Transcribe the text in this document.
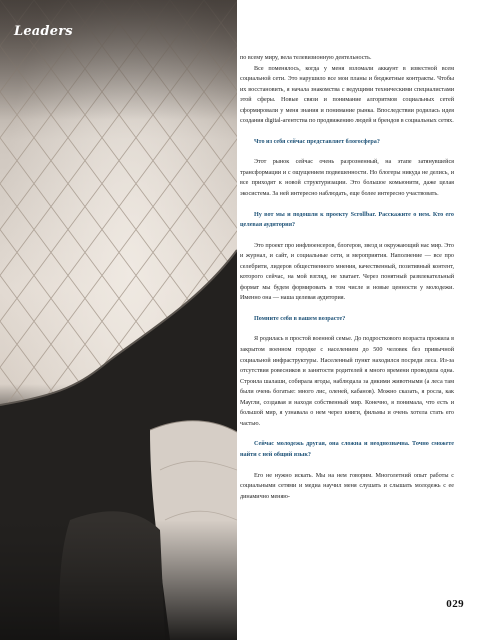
Leaders

по всему миру, вела телевизионную деятельность.

Все поменялось, когда у меня взломали аккаунт в известной всем социальной сети. Это нарушило все мои планы и бюджетные контракты. Чтобы их восстановить, я начала знакомства с ведущими техническими специалистами этой сферы. Новые связи и понимание алгоритмов социальных сетей сформировали у меня знания и понимание рынка. Впоследствии родилась идея создания digital-агентства по продвижению людей и брендов в социальных сетях.

Что из себя сейчас представляет блогосфера?

Этот рынок сейчас очень разрозненный, на этапе затянувшейся трансформации и с ощущением подвешенности. Но блогеры никуда не делись, и все приходят к новой структуризации. Это большое комьюнити, даже целая экосистема. За ней интересно наблюдать, еще более интересно участвовать.

Ну вот мы и подошли к проекту Scrollbar. Расскажите о нем. Кто его целевая аудитория?

Это проект про инфлюенсеров, блогеров, звезд и окружающий нас мир. Это и журнал, и сайт, и социальные сети, и мероприятия. Наполнение — все про селебрити, лидеров общественного мнения, качественный, позитивный контент, которого сейчас, на мой взгляд, не хватает. Через понятный развлекательный формат мы будем формировать в том числе и новые ценности у молодежи. Именно она — наша целевая аудитория.

Помните себя в вашем возрасте?

Я родилась в простой военной семье. До подросткового возраста прожила в закрытом военном городке с населением до 500 человек без привычной социальной инфраструктуры. Населенный пункт находился посреди леса. Из-за отсутствия ровесников и занятости родителей я много времени проводила одна. Строила шалаши, собирала ягоды, наблюдала за дикими животными (а леса там были очень богатые: много лис, оленей, кабанов). Можно сказать, я росла, как Маугли, создавая и находя собственный мир. Конечно, я понимала, что есть и большой мир, я узнавала о нем через книги, фильмы и очень хотела стать его частью.

Сейчас молодежь другая, она сложна и неоднозначна. Точно сможете найти с ней общий язык?

Его не нужно искать. Мы на нем говорим. Многолетний опыт работы с социальными сетями и медиа научил меня слушать и слышать молодежь с ее динамично меняю-

029
